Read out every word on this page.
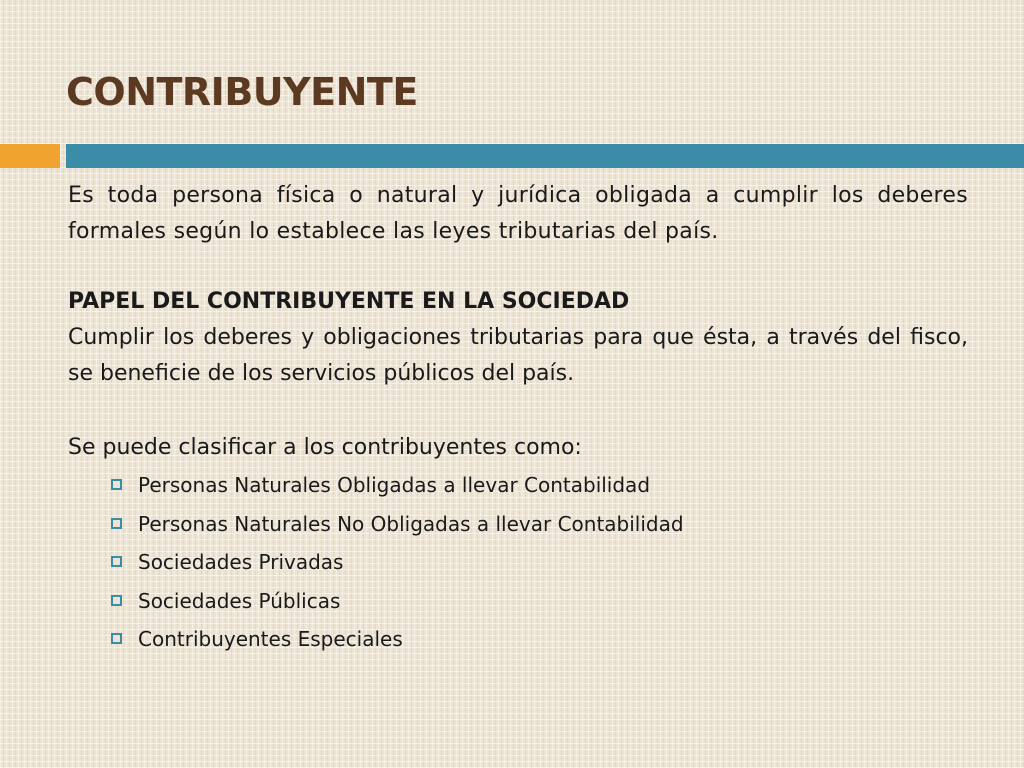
CONTRIBUYENTE

Es toda persona física o natural y jurídica obligada a cumplir los deberes formales según lo establece las leyes tributarias del país.

PAPEL DEL CONTRIBUYENTE EN LA SOCIEDAD

Cumplir los deberes y obligaciones tributarias para que ésta, a través del fisco, se beneficie de los servicios públicos del país.

Se puede clasificar a los contribuyentes como:

Personas Naturales Obligadas a llevar Contabilidad
Personas Naturales No Obligadas a llevar Contabilidad
Sociedades Privadas
Sociedades Públicas
Contribuyentes Especiales
